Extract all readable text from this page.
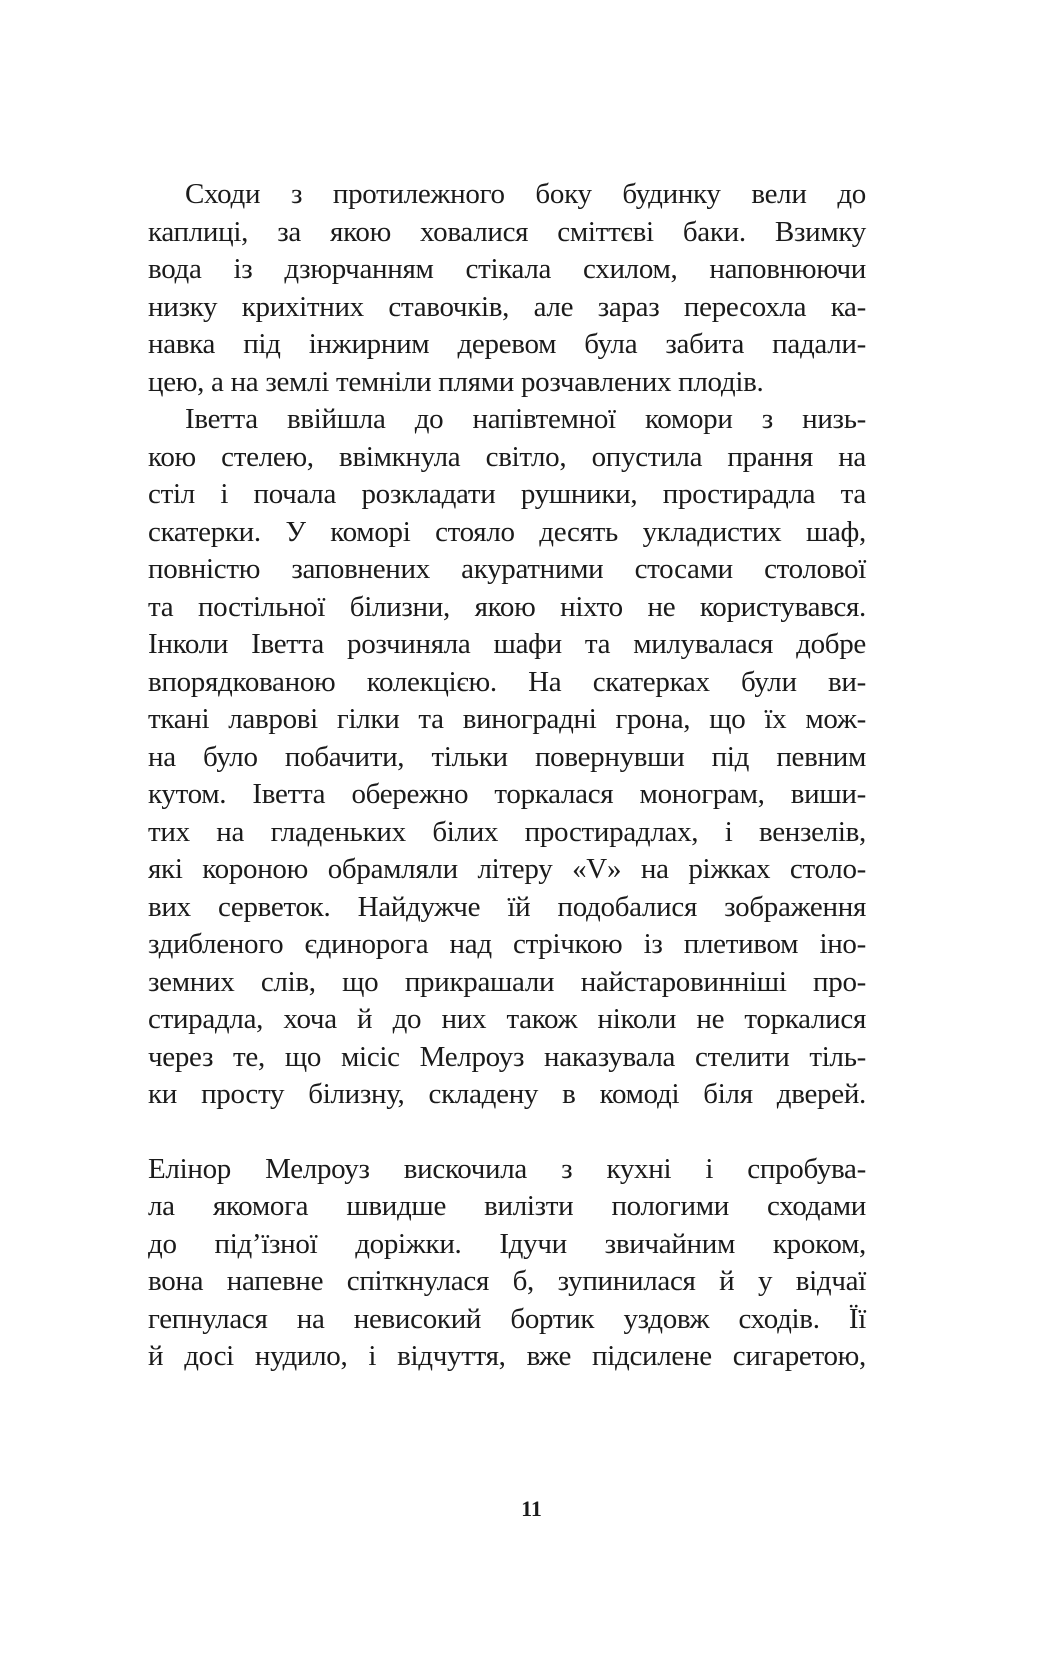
Сходи з протилежного боку будинку вели до
каплиці, за якою ховалися сміттєві баки. Взимку
вода із дзюрчанням стікала схилом, наповнюючи
низку крихітних ставочків, але зараз пересохла ка-
навка під інжирним деревом була забита падали-
цею, а на землі темніли плями розчавлених плодів.
Іветта ввійшла до напівтемної комори з низь-
кою стелею, ввімкнула світло, опустила прання на
стіл і почала розкладати рушники, простирадла та
скатерки. У коморі стояло десять укладистих шаф,
повністю заповнених акуратними стосами столової
та постільної білизни, якою ніхто не користувався.
Інколи Іветта розчиняла шафи та милувалася добре
впорядкованою колекцією. На скатерках були ви-
ткані лаврові гілки та виноградні грона, що їх мож-
на було побачити, тільки повернувши під певним
кутом. Іветта обережно торкалася монограм, виши-
тих на гладеньких білих простирадлах, і вензелів,
які короною обрамляли літеру «V» на ріжках столо-
вих серветок. Найдужче їй подобалися зображення
здибленого єдинорога над стрічкою із плетивом іно-
земних слів, що прикрашали найстаровинніші про-
стирадла, хоча й до них також ніколи не торкалися
через те, що місіс Мелроуз наказувала стелити тіль-
ки просту білизну, складену в комоді біля дверей.
Елінор Мелроуз вискочила з кухні і спробува-
ла якомога швидше вилізти пологими сходами
до під’їзної доріжки. Ідучи звичайним кроком,
вона напевне спіткнулася б, зупинилася й у відчаї
гепнулася на невисокий бортик уздовж сходів. Її
й досі нудило, і відчуття, вже підсилене сигаретою,
11
